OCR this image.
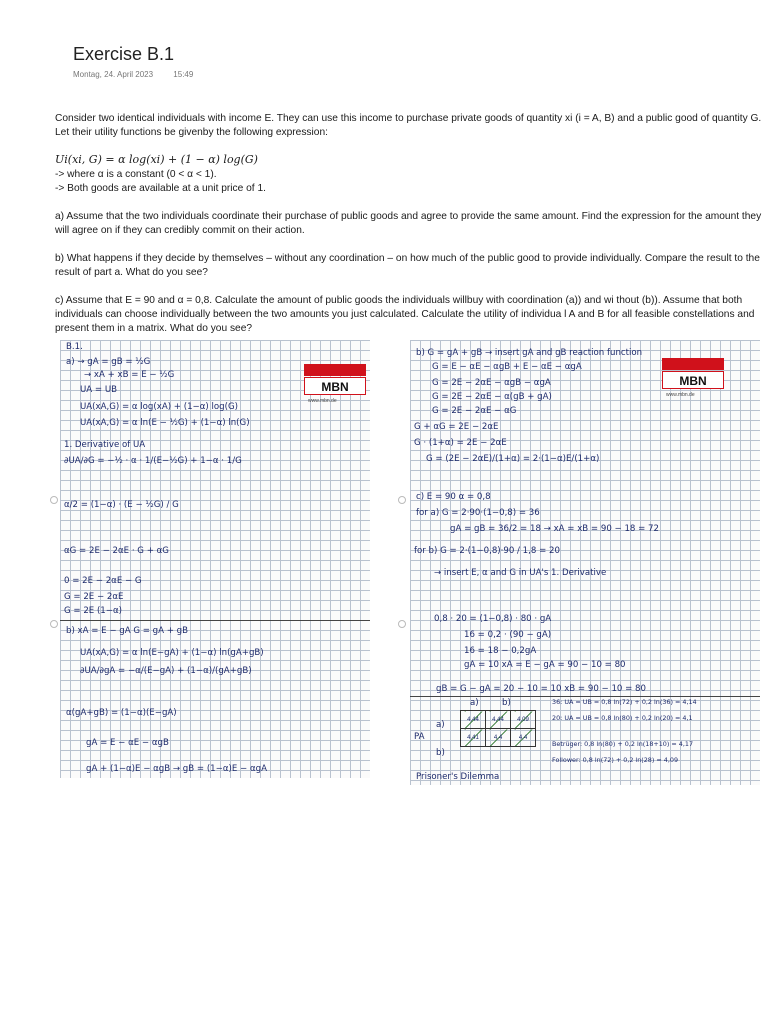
Exercise B.1
Montag, 24. April 2023	15:49

Consider two identical individuals with income E. They can use this income to purchase private goods of quantity xi (i = A, B) and a public good of quantity G. Let their utility functions be givenby the following expression:

Ui(xi, G) = α log(xi) + (1 − α) log(G)
-> where α is a constant (0 < α < 1).
-> Both goods are available at a unit price of 1.
a) Assume that the two individuals coordinate their purchase of public goods and agree to provide the same amount. Find the expression for the amount they will agree on if they can credibly commit on their action.
b) What happens if they decide by themselves – without any coordination – on how much of the public good to provide individually. Compare the result to the result of part a. What do you see?
c) Assume that E = 90 and α = 0,8. Calculate the amount of public goods the individuals willbuy with coordination (a)) and wi thout (b)). Assume that both individuals can choose individually between the two amounts you just calculated. Calculate the utility of individua l A and B for all feasible constellations and present them in a matrix. What do you see?
MBN
www.mbn.de
B.1.
a) → gA = gB = ½G
→ xA + xB = E − ½G
UA = UB
UA(xA,G) = α log(xA) + (1−α) log(G)
UA(xA,G) = α ln(E − ½G) + (1−α) ln(G)
1. Derivative of UA
∂UA/∂G = −½ · α · 1/(E−½G) + 1−α · 1/G
α/2 = (1−α) · (E − ½G) / G
αG = 2E − 2αE · G + αG
0 = 2E − 2αE − G
G = 2E − 2αE
G = 2E (1−α)
b) xA = E − gA G = gA + gB
UA(xA,G) = α ln(E−gA) + (1−α) ln(gA+gB)
∂UA/∂gA = −α/(E−gA) + (1−α)/(gA+gB)
α(gA+gB) = (1−α)(E−gA)
gA = E − αE − αgB
gA + (1−α)E − αgB → gB = (1−α)E − αgA
MBN
www.mbn.de
b) G = gA + gB → insert gA and gB reaction function
G = E − αE − αgB + E − αE − αgA
G = 2E − 2αE − αgB − αgA
G = 2E − 2αE − α(gB + gA)
G = 2E − 2αE − αG
G + αG = 2E − 2αE
G · (1+α) = 2E − 2αE
G = (2E − 2αE)/(1+α) = 2·(1−α)E/(1+α)
c) E = 90 α = 0,8
for a) G = 2·90·(1−0,8) = 36
gA = gB = 36/2 = 18 → xA = xB = 90 − 18 = 72
for b) G = 2·(1−0,8)·90 / 1,8 = 20
→ insert E, α and G in UA's 1. Derivative
0,8 · 20 = (1−0,8) · 80 · gA
16 = 0,2 · (90 − gA)
16 = 18 − 0,2gA
gA = 10 xA = E − gA = 90 − 10 = 80
gB = G − gA = 20 − 10 = 10 xB = 90 − 10 = 80
a)	b)
a)
b)
PA
4,44	4,44	4,09
4,41	4,4	4,4
Prisoner's Dilemma
36: UA = UB = 0,8 ln(72) + 0,2 ln(36) = 4,14
20: UA = UB = 0,8 ln(80) + 0,2 ln(20) = 4,1
Betrüger: 0,8 ln(80) + 0,2 ln(18+10) = 4,17
Follower: 0,8 ln(72) + 0,2 ln(28) = 4,09
